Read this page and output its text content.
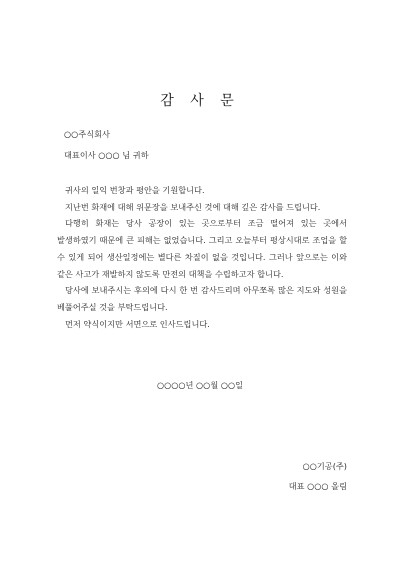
감 사 문
○○주식회사
대표이사 ○○○ 님 귀하

귀사의 일익 번창과 평안을 기원합니다.

지난번 화재에 대해 위문장을 보내주신 것에 대해 깊은 감사를 드립니다.

다행히 화재는 당사 공장이 있는 곳으로부터 조금 떨어져 있는 곳에서 발생하였기 때문에 큰 피해는 없었습니다. 그리고 오늘부터 평상시대로 조업을 할 수 있게 되어 생산일정에는 별다른 차질이 없을 것입니다. 그러나 앞으로는 이와 같은 사고가 재발하지 않도록 만전의 대책을 수립하고자 합니다.

당사에 보내주시는 후의에 다시 한 번 감사드리며 아무쪼록 많은 지도와 성원을 베풀어주실 것을 부탁드립니다.

먼저 약식이지만 서면으로 인사드립니다.

○○○○년 ○○월 ○○일
○○기공(주)
대표 ○○○ 올림
